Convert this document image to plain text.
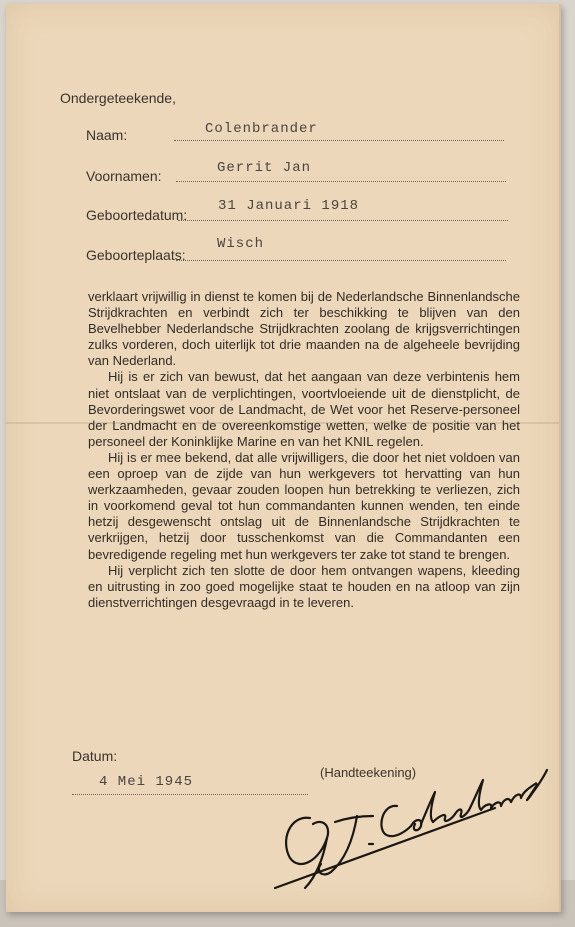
Ondergeteekende,
Naam:	Colenbrander
Voornamen:	Gerrit Jan
Geboortedatum:
31 Januari 1918
Geboorteplaats:
Wisch

verklaart vrijwillig in dienst te komen bij de Nederlandsche Binnenlandsche Strijdkrachten en verbindt zich ter beschikking te blijven van den Bevelhebber Nederlandsche Strijdkrachten zoolang de krijgsverrichtingen zulks vorderen, doch uiterlijk tot drie maanden na de algeheele bevrijding van Nederland.

Hij is er zich van bewust, dat het aangaan van deze verbintenis hem niet ontslaat van de verplichtingen, voortvloeiende uit de dienstplicht, de Bevorderingswet voor de Landmacht, de Wet voor het Reserve-personeel der Landmacht en de overeenkomstige wetten, welke de positie van het personeel der Koninklijke Marine en van het KNIL regelen.

Hij is er mee bekend, dat alle vrijwilligers, die door het niet voldoen van een oproep van de zijde van hun werkgevers tot hervatting van hun werkzaamheden, gevaar zouden loopen hun betrekking te verliezen, zich in voorkomend geval tot hun commandanten kunnen wenden, ten einde hetzij desgewenscht ontslag uit de Binnenlandsche Strijdkrachten te verkrijgen, hetzij door tusschenkomst van die Commandanten een bevredigende regeling met hun werkgevers ter zake tot stand te brengen.

Hij verplicht zich ten slotte de door hem ontvangen wapens, kleeding en uitrusting in zoo goed mogelijke staat te houden en na atloop van zijn dienstverrichtingen desgevraagd in te leveren.

Datum:
4 Mei 1945
(Handteekening)
